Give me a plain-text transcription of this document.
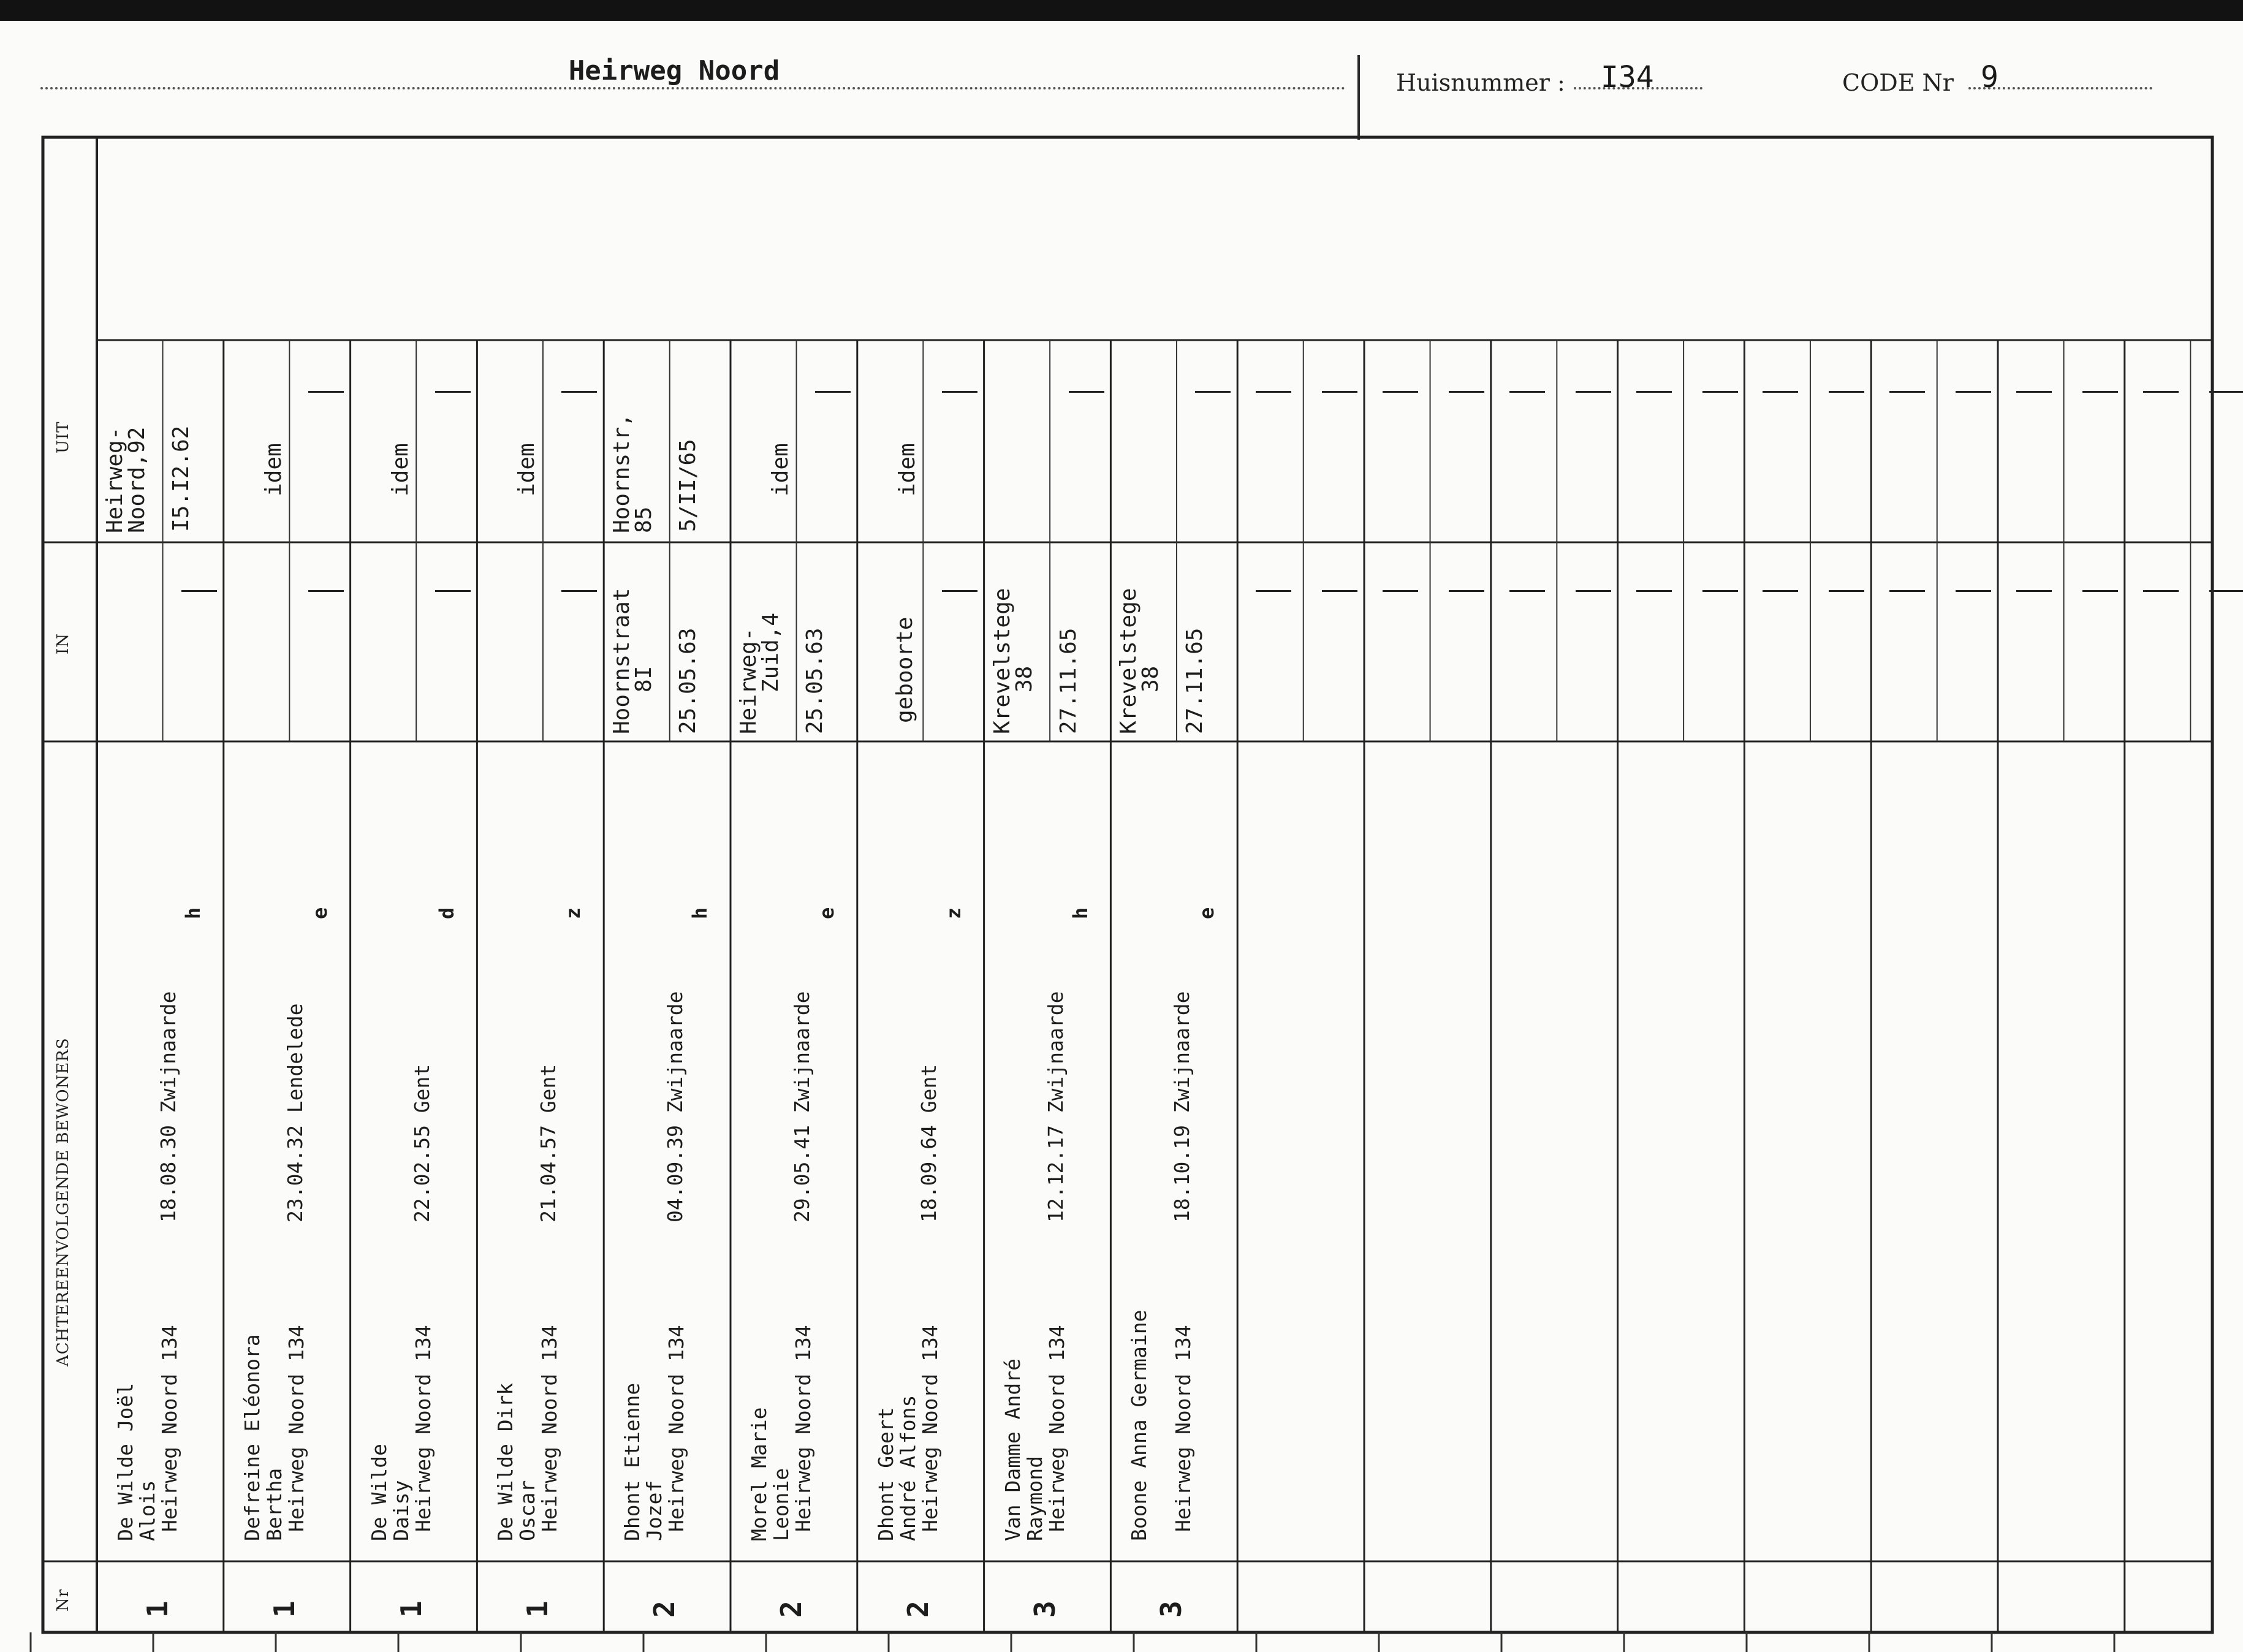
Heirweg Noord	Huisnummer : I34	CODE Nr 9
Nr
ACHTEREENVOLGENDE BEWONERS
IN
UIT
1
De Wilde Joël
Alois
Heirweg Noord 134
18.08.30 Zwijnaarde
h
Heirweg-
Noord,92 I5.I2.62
1
Defreine Eléonora
Bertha
Heirweg Noord 134
23.04.32 Lendelede
e
idem
1
De Wilde
Daisy
Heirweg Noord 134
22.02.55 Gent
d
idem
1
De Wilde Dirk
Oscar
Heirweg Noord 134
21.04.57 Gent
z
idem
2
Dhont Etienne
Jozef
Heirweg Noord 134
04.09.39 Zwijnaarde
h
Hoornstraat
8I 25.05.63
Hoornstr,
85 5/II/65
2
Morel Marie
Leonie
Heirweg Noord 134
29.05.41 Zwijnaarde
e
Heirweg-
Zuid,4 25.05.63
idem
2
Dhont Geert
André Alfons
Heirweg Noord 134
18.09.64 Gent
z
geboorte
idem
3
Van Damme André
Raymond
Heirweg Noord 134
12.12.17 Zwijnaarde
h
Krevelstege
38 27.11.65
3
Boone Anna Germaine Heirweg Noord 134
18.10.19 Zwijnaarde
e
Krevelstege
38 27.11.65
